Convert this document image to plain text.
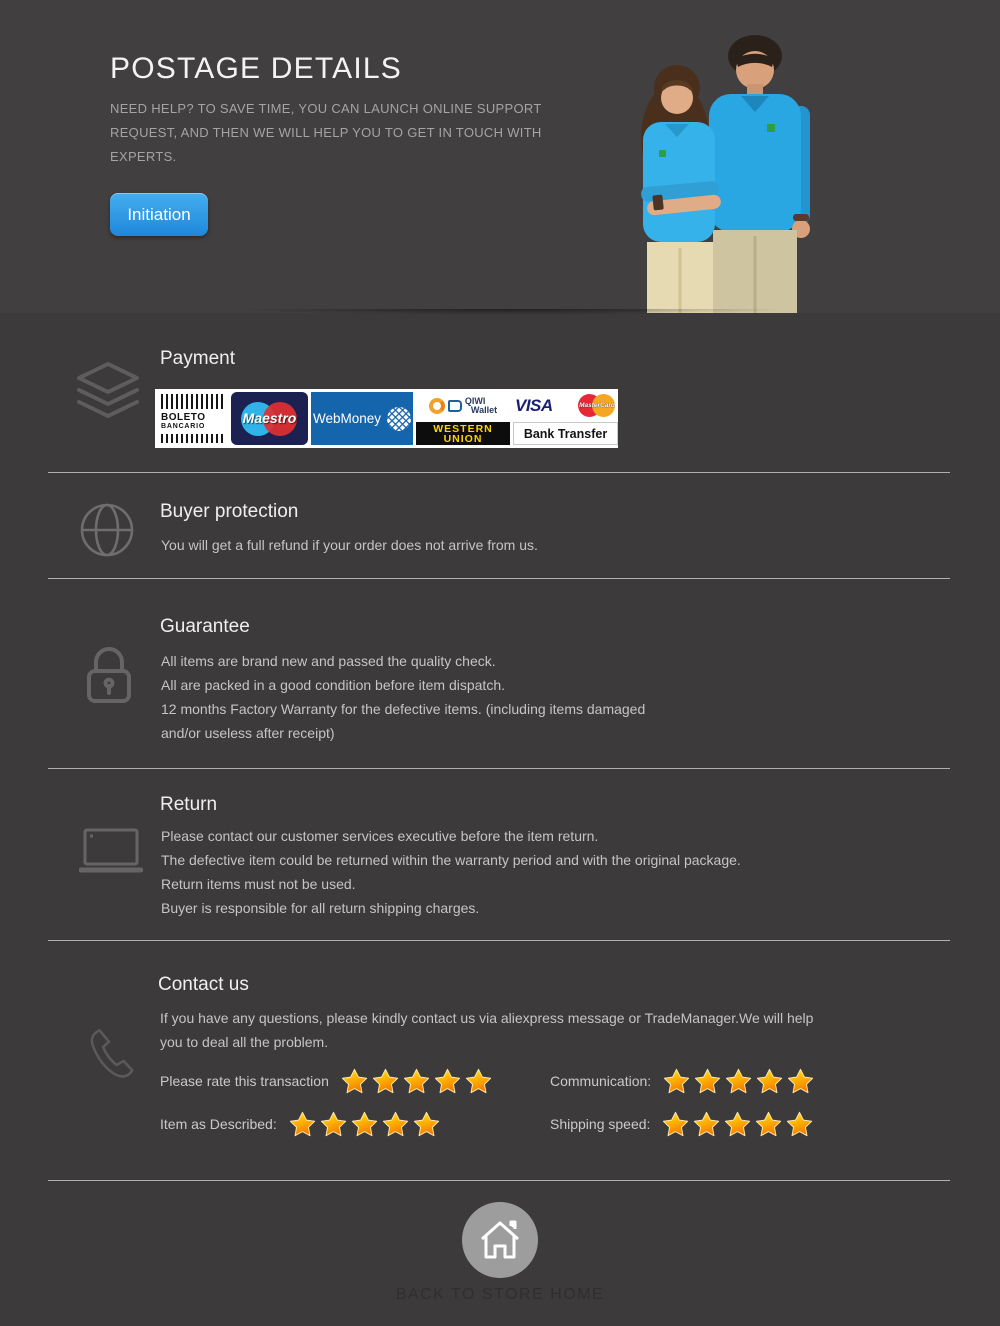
POSTAGE DETAILS
NEED HELP? TO SAVE TIME, YOU CAN LAUNCH ONLINE SUPPORT
REQUEST, AND THEN WE WILL HELP YOU TO GET IN TOUCH WITH
EXPERTS.
Initiation
Payment
BOLETO
BANCARIO	Maestro	WebMoney
QIWI
Wallet
WESTERN
UNION
VISA	MasterCard
Bank Transfer
Buyer protection
You will get a full refund if your order does not arrive from us.
Guarantee
All items are brand new and passed the quality check.
All are packed in a good condition before item dispatch.
12 months Factory Warranty for the defective items. (including items damaged
and/or useless after receipt)
Return
Please contact our customer services executive before the item return.
The defective item could be returned within the warranty period and with the original package.
Return items must not be used.
Buyer is responsible for all return shipping charges.
Contact us
If you have any questions, please kindly contact us via aliexpress message or TradeManager.We will help
you to deal all the problem.
Please rate this transaction	Communication:
Item as Described:	Shipping speed:
BACK TO STORE HOME
